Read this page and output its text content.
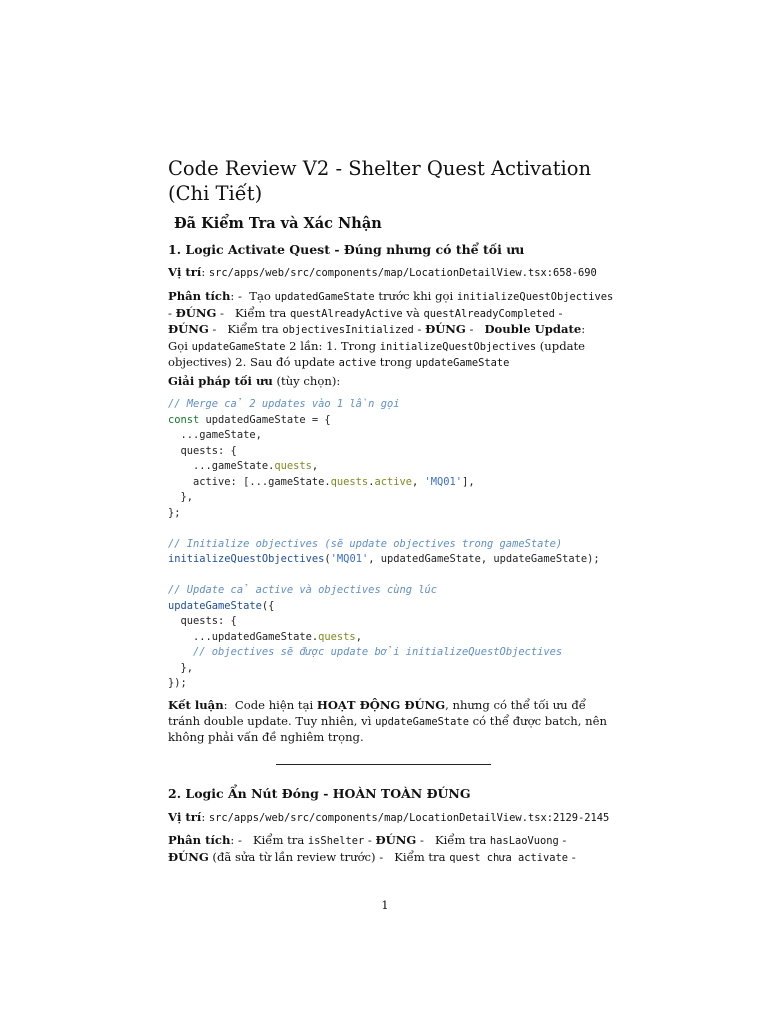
Code Review V2 - Shelter Quest Activation (Chi Tiết)
Đã Kiểm Tra và Xác Nhận
1. Logic Activate Quest - Đúng nhưng có thể tối ưu

Vị trí: src/apps/web/src/components/map/LocationDetailView.tsx:658-690

Phân tích: -  Tạo updatedGameState trước khi gọi initializeQuestObjectives
- ĐÚNG -   Kiểm tra questAlreadyActive và questAlreadyCompleted -
ĐÚNG -   Kiểm tra objectivesInitialized - ĐÚNG -   Double Update:
Gọi updateGameState 2 lần: 1. Trong initializeQuestObjectives (update
objectives) 2. Sau đó update active trong updateGameState

Giải pháp tối ưu (tùy chọn):

// Merge cả 2 updates vào 1 lần gọi
const updatedGameState = {
...gameState,
quests: {
...gameState.quests,
active: [...gameState.quests.active, 'MQ01'],
},
};

// Initialize objectives (sẽ update objectives trong gameState)
initializeQuestObjectives('MQ01', updatedGameState, updateGameState);

// Update cả active và objectives cùng lúc
updateGameState({
quests: {
...updatedGameState.quests,
// objectives sẽ được update bởi initializeQuestObjectives
},
});

Kết luận:  Code hiện tại HOẠT ĐỘNG ĐÚNG, nhưng có thể tối ưu để
tránh double update. Tuy nhiên, vì updateGameState có thể được batch, nên
không phải vấn đề nghiêm trọng.

2. Logic Ẩn Nút Đóng - HOÀN TOÀN ĐÚNG

Vị trí: src/apps/web/src/components/map/LocationDetailView.tsx:2129-2145

Phân tích: -   Kiểm tra isShelter - ĐÚNG -   Kiểm tra hasLaoVuong -
ĐÚNG (đã sửa từ lần review trước) -   Kiểm tra quest chưa activate -

1
